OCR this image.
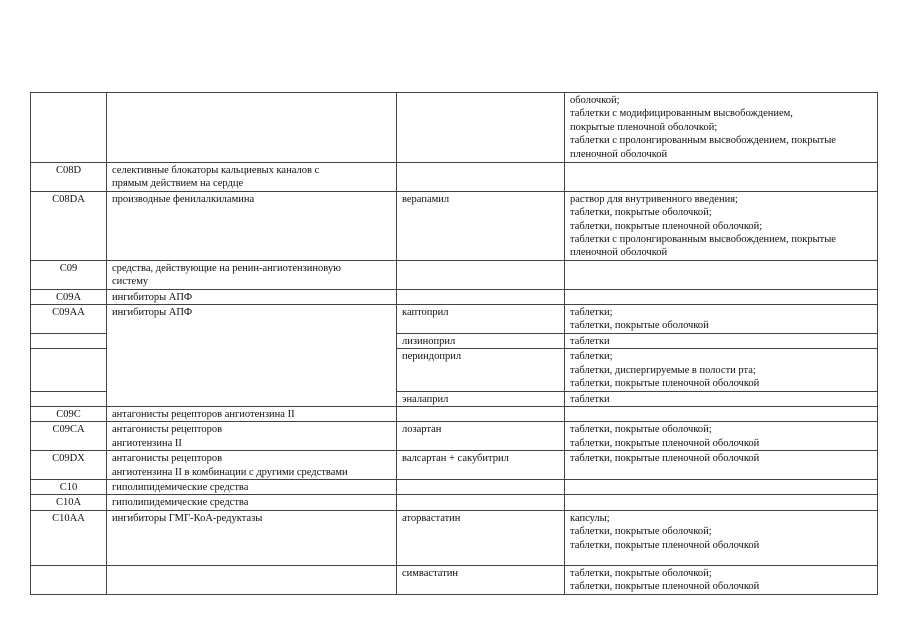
			оболочкой;
таблетки с модифицированным высвобождением,
покрытые пленочной оболочкой;
таблетки с пролонгированным высвобождением, покрытые
пленочной оболочкой

C08D	селективные блокаторы кальциевых каналов с
прямым действием на сердце		

C08DA	производные фенилалкиламина	верапамил	раствор для внутривенного введения;
таблетки, покрытые оболочкой;
таблетки, покрытые пленочной оболочкой;
таблетки с пролонгированным высвобождением, покрытые
пленочной оболочкой

C09	средства, действующие на ренин-ангиотензиновую
систему		

C09A	ингибиторы АПФ		
C09AA	ингибиторы АПФ	каптоприл	таблетки;
таблетки, покрытые оболочкой

		лизиноприл	таблетки

		периндоприл	таблетки;
таблетки, диспергируемые в полости рта;
таблетки, покрытые пленочной оболочкой

		эналаприл	таблетки

C09C	антагонисты рецепторов ангиотензина II		
C09CA	антагонисты рецепторов
ангиотензина II	лозартан	таблетки, покрытые оболочкой;
таблетки, покрытые пленочной оболочкой

C09DX	антагонисты рецепторов
ангиотензина II в комбинации с другими средствами	валсартан + сакубитрил	таблетки, покрытые пленочной оболочкой

C10	гиполипидемические средства		
C10A	гиполипидемические средства		
C10AA	ингибиторы ГМГ-КоА-редуктазы	аторвастатин	капсулы;
таблетки, покрытые оболочкой;
таблетки, покрытые пленочной оболочкой

		симвастатин	таблетки, покрытые оболочкой;
таблетки, покрытые пленочной оболочкой
